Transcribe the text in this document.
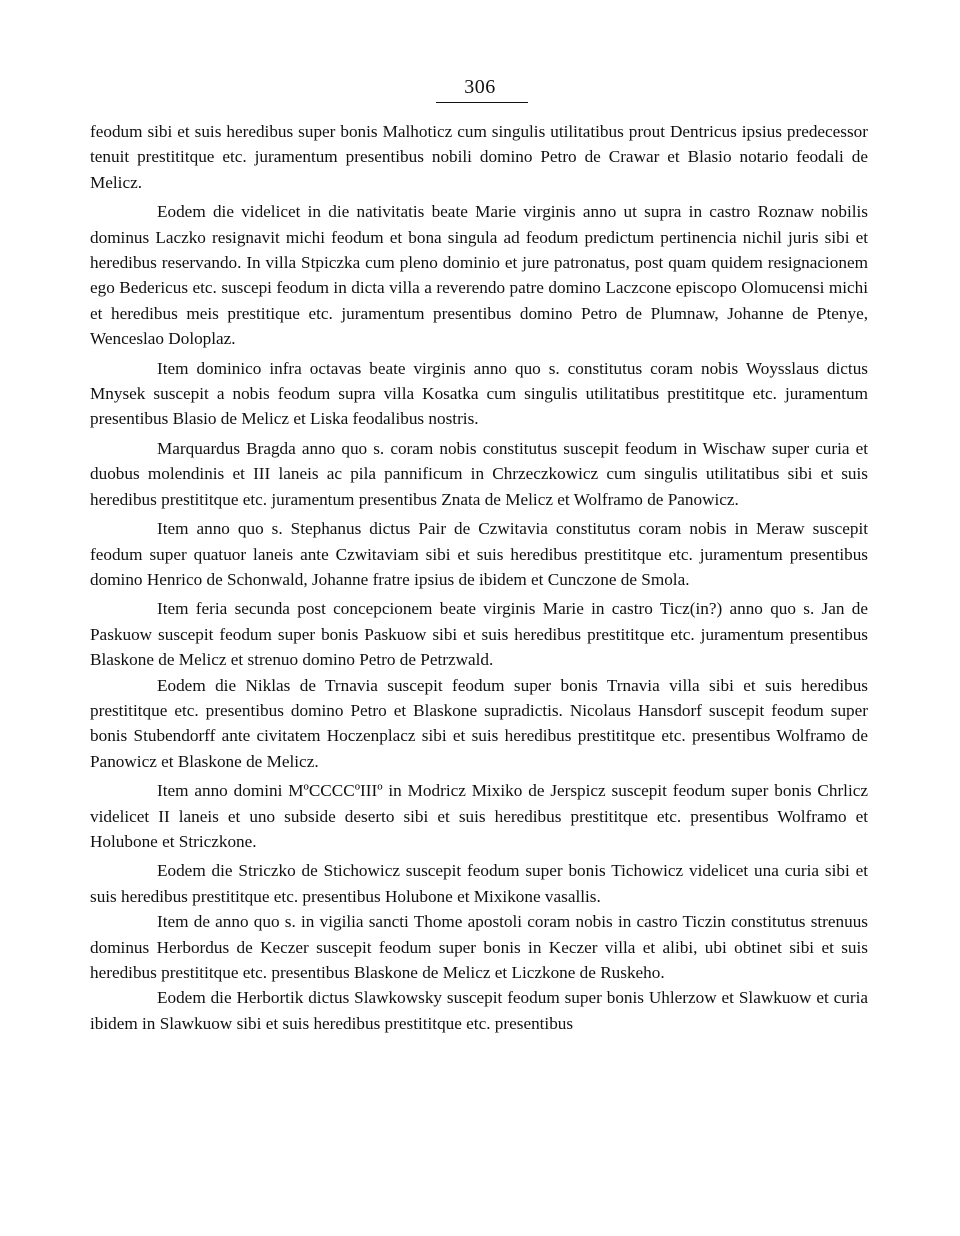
306

feodum sibi et suis heredibus super bonis Malhoticz cum singulis utilitatibus prout Dentricus ipsius predecessor tenuit prestititque etc. juramentum presentibus nobili domino Petro de Crawar et Blasio notario feodali de Melicz.

Eodem die videlicet in die nativitatis beate Marie virginis anno ut supra in castro Roznaw nobilis dominus Laczko resignavit michi feodum et bona singula ad feodum predictum pertinencia nichil juris sibi et heredibus reservando. In villa Stpiczka cum pleno dominio et jure patronatus, post quam quidem resignacionem ego Bedericus etc. suscepi feodum in dicta villa a reverendo patre domino Laczcone episcopo Olomucensi michi et heredibus meis prestitique etc. juramentum presentibus domino Petro de Plumnaw, Johanne de Ptenye, Wenceslao Doloplaz.

Item dominico infra octavas beate virginis anno quo s. constitutus coram nobis Woysslaus dictus Mnysek suscepit a nobis feodum supra villa Kosatka cum singulis utilitatibus prestititque etc. juramentum presentibus Blasio de Melicz et Liska feodalibus nostris.

Marquardus Bragda anno quo s. coram nobis constitutus suscepit feodum in Wischaw super curia et duobus molendinis et III laneis ac pila pannificum in Chrzeczkowicz cum singulis utilitatibus sibi et suis heredibus prestititque etc. juramentum presentibus Znata de Melicz et Wolframo de Panowicz.

Item anno quo s. Stephanus dictus Pair de Czwitavia constitutus coram nobis in Meraw suscepit feodum super quatuor laneis ante Czwitaviam sibi et suis heredibus prestititque etc. juramentum presentibus domino Henrico de Schonwald, Johanne fratre ipsius de ibidem et Cunczone de Smola.

Item feria secunda post concepcionem beate virginis Marie in castro Ticz(in?) anno quo s. Jan de Paskuow suscepit feodum super bonis Paskuow sibi et suis heredibus prestititque etc. juramentum presentibus Blaskone de Melicz et strenuo domino Petro de Petrzwald.

Eodem die Niklas de Trnavia suscepit feodum super bonis Trnavia villa sibi et suis heredibus prestititque etc. presentibus domino Petro et Blaskone supradictis. Nicolaus Hansdorf suscepit feodum super bonis Stubendorff ante civitatem Hoczenplacz sibi et suis heredibus prestititque etc. presentibus Wolframo de Panowicz et Blaskone de Melicz.

Item anno domini MºCCCCºIIIº in Modricz Mixiko de Jerspicz suscepit feodum super bonis Chrlicz videlicet II laneis et uno subside deserto sibi et suis heredibus prestititque etc. presentibus Wolframo et Holubone et Striczkone.

Eodem die Striczko de Stichowicz suscepit feodum super bonis Tichowicz videlicet una curia sibi et suis heredibus prestititque etc. presentibus Holubone et Mixikone vasallis.

Item de anno quo s. in vigilia sancti Thome apostoli coram nobis in castro Ticzin constitutus strenuus dominus Herbordus de Keczer suscepit feodum super bonis in Keczer villa et alibi, ubi obtinet sibi et suis heredibus prestititque etc. presentibus Blaskone de Melicz et Liczkone de Ruskeho.

Eodem die Herbortik dictus Slawkowsky suscepit feodum super bonis Uhlerzow et Slawkuow et curia ibidem in Slawkuow sibi et suis heredibus prestititque etc. presentibus
